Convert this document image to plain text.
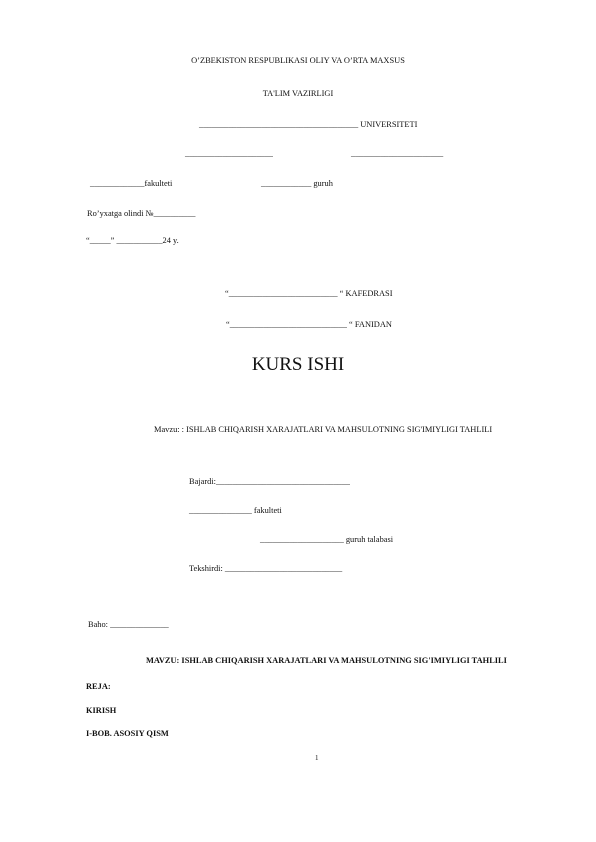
O’ZBEKISTON RESPUBLIKASI OLIY VA O’RTA MAXSUS
TA'LIM VAZIRLIGI
______________________________________ UNIVERSITETI
_____________________	______________________
_____________fakulteti	____________ guruh
Ro’yxatga olindi №__________
“_____” ___________24 y.
“__________________________ “ KAFEDRASI
“____________________________ “ FANIDAN
KURS ISHI
Mavzu: : ISHLAB CHIQARISH XARAJATLARI VA MAHSULOTNING SIG'IMIYLIGI TAHLILI
Bajardi:________________________________
_______________ fakulteti
____________________ guruh talabasi
Tekshirdi: ____________________________
Baho: ______________
MAVZU: ISHLAB CHIQARISH XARAJATLARI VA MAHSULOTNING SIG'IMIYLIGI TAHLILI
REJA:
KIRISH
I-BOB. ASOSIY QISM
1
